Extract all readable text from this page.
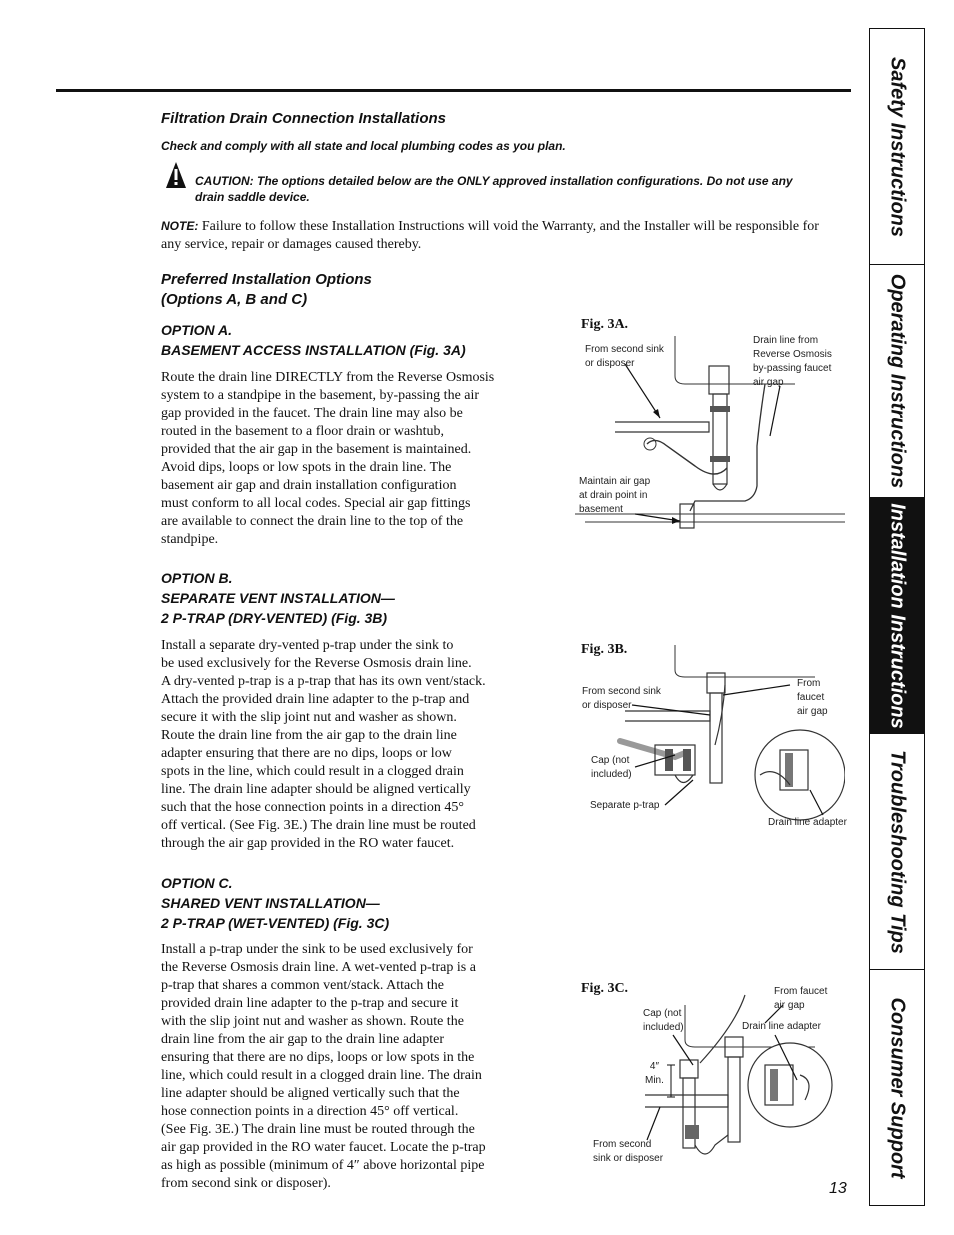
Filtration Drain Connection Installations
Check and comply with all state and local plumbing codes as you plan.
CAUTION: The options detailed below are the ONLY approved installation configurations. Do not use any
drain saddle device.
NOTE: Failure to follow these Installation Instructions will void the Warranty, and the Installer will be responsible for any service, repair or damages caused thereby.
Preferred Installation Options
(Options A, B and C)
OPTION A.
BASEMENT ACCESS INSTALLATION (Fig. 3A)
Route the drain line DIRECTLY from the Reverse Osmosis
system to a standpipe in the basement, by-passing the air
gap provided in the faucet. The drain line may also be
routed in the basement to a floor drain or washtub,
provided that the air gap in the basement is maintained.
Avoid dips, loops or low spots in the drain line. The
basement air gap and drain installation configuration
must conform to all local codes. Special air gap fittings
are available to connect the drain line to the top of the
standpipe.
OPTION B.
SEPARATE VENT INSTALLATION—
2 P-TRAP (DRY-VENTED) (Fig. 3B)
Install a separate dry-vented p-trap under the sink to
be used exclusively for the Reverse Osmosis drain line.
A dry-vented p-trap is a p-trap that has its own vent/stack.
Attach the provided drain line adapter to the p-trap and
secure it with the slip joint nut and washer as shown.
Route the drain line from the air gap to the drain line
adapter ensuring that there are no dips, loops or low
spots in the line, which could result in a clogged drain
line. The drain line adapter should be aligned vertically
such that the hose connection points in a direction 45°
off vertical. (See Fig. 3E.) The drain line must be routed
through the air gap provided in the RO water faucet.
OPTION C.
SHARED VENT INSTALLATION—
2 P-TRAP (WET-VENTED) (Fig. 3C)
Install a p-trap under the sink to be used exclusively for
the Reverse Osmosis drain line. A wet-vented p-trap is a
p-trap that shares a common vent/stack. Attach the
provided drain line adapter to the p-trap and secure it
with the slip joint nut and washer as shown. Route the
drain line from the air gap to the drain line adapter
ensuring that there are no dips, loops or low spots in the
line, which could result in a clogged drain line. The drain
line adapter should be aligned vertically such that the
hose connection points in a direction 45° off vertical.
(See Fig. 3E.) The drain line must be routed through the
air gap provided in the RO water faucet. Locate the p-trap
as high as possible (minimum of 4″ above horizontal pipe
from second sink or disposer).
Fig. 3A.
From second sink
or disposer
Drain line from
Reverse Osmosis
by-passing faucet
air gap
Maintain air gap
at drain point in
basement
Fig. 3B.
From second sink
or disposer
From
faucet
air gap
Cap (not
included)
Separate p-trap
Drain line adapter
Fig. 3C.	From faucet
air gap
Cap (not
included)	Drain line adapter
4″
Min.
From second
sink or disposer
Safety Instructions
Operating Instructions
Installation Instructions
Troubleshooting Tips
Consumer Support
13
